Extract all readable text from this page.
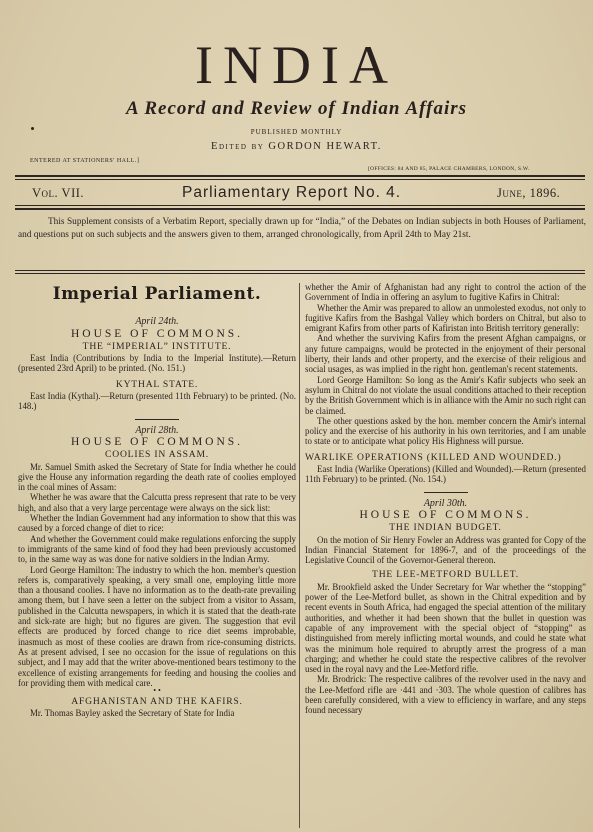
INDIA
A Record and Review of Indian Affairs
PUBLISHED MONTHLY
Edited by GORDON HEWART.
ENTERED AT STATIONERS' HALL.]
[OFFICES: 84 AND 85, PALACE CHAMBERS, LONDON, S.W.
Vol. VII.	Parliamentary Report No. 4.	June, 1896.
This Supplement consists of a Verbatim Report, specially drawn up for “India,” of the Debates on Indian subjects in both Houses of Parliament, and questions put on such subjects and the answers given to them, arranged chronologically, from April 24th to May 21st.
Imperial Parliament.
April 24th.
HOUSE OF COMMONS.
THE “IMPERIAL” INSTITUTE.

East India (Contributions by India to the Imperial Institute).—Return (presented 23rd April) to be printed. (No. 151.)

KYTHAL STATE.

East India (Kythal).—Return (presented 11th February) to be printed. (No. 148.)

April 28th.
HOUSE OF COMMONS.
COOLIES IN ASSAM.

Mr. Samuel Smith asked the Secretary of State for India whether he could give the House any information regarding the death rate of coolies employed in the coal mines of Assam:

Whether he was aware that the Calcutta press represent that rate to be very high, and also that a very large percentage were always on the sick list:

Whether the Indian Government had any information to show that this was caused by a forced change of diet to rice:

And whether the Government could make regulations enforcing the supply to immigrants of the same kind of food they had been previously accustomed to, in the same way as was done for native soldiers in the Indian Army.

Lord George Hamilton: The industry to which the hon. member's question refers is, comparatively speaking, a very small one, employing little more than a thousand coolies. I have no information as to the death-rate prevailing among them, but I have seen a letter on the subject from a visitor to Assam, published in the Calcutta newspapers, in which it is stated that the death-rate and sick-rate are high; but no figures are given. The suggestion that evil effects are produced by forced change to rice diet seems improbable, inasmuch as most of these coolies are drawn from rice-consuming districts. As at present advised, I see no occasion for the issue of regulations on this subject, and I may add that the writer above-mentioned bears testimony to the excellence of existing arrangements for feeding and housing the coolies and for providing them with medical care.

• •

AFGHANISTAN AND THE KAFIRS.

Mr. Thomas Bayley asked the Secretary of State for India

whether the Amir of Afghanistan had any right to control the action of the Government of India in offering an asylum to fugitive Kafirs in Chitral:

Whether the Amir was prepared to allow an unmolested exodus, not only to fugitive Kafirs from the Bashgal Valley which borders on Chitral, but also to emigrant Kafirs from other parts of Kafiristan into British territory generally:

And whether the surviving Kafirs from the present Afghan campaigns, or any future campaigns, would be protected in the enjoyment of their personal liberty, their lands and other property, and the exercise of their religious and social usages, as was implied in the right hon. gentleman's recent statements.

Lord George Hamilton: So long as the Amir's Kafir subjects who seek an asylum in Chitral do not violate the usual conditions attached to their reception by the British Government which is in alliance with the Amir no such right can be claimed.

The other questions asked by the hon. member concern the Amir's internal policy and the exercise of his authority in his own territories, and I am unable to state or to anticipate what policy His Highness will pursue.

WARLIKE OPERATIONS (KILLED AND WOUNDED.)

East India (Warlike Operations) (Killed and Wounded).—Return (presented 11th February) to be printed. (No. 154.)

April 30th.
HOUSE OF COMMONS.
THE INDIAN BUDGET.

On the motion of Sir Henry Fowler an Address was granted for Copy of the Indian Financial Statement for 1896-7, and of the proceedings of the Legislative Council of the Governor-General thereon.

THE LEE-METFORD BULLET.

Mr. Brookfield asked the Under Secretary for War whether the “stopping” power of the Lee-Metford bullet, as shown in the Chitral expedition and by recent events in South Africa, had engaged the special attention of the military authorities, and whether it had been shown that the bullet in question was capable of any improvement with the special object of “stopping” as distinguished from merely inflicting mortal wounds, and could he state what was the minimum hole required to abruptly arrest the progress of a man charging; and whether he could state the respective calibres of the revolver used in the royal navy and the Lee-Metford rifle.

Mr. Brodrick: The respective calibres of the revolver used in the navy and the Lee-Metford rifle are ·441 and ·303. The whole question of calibres has been carefully considered, with a view to efficiency in warfare, and any steps found necessary
